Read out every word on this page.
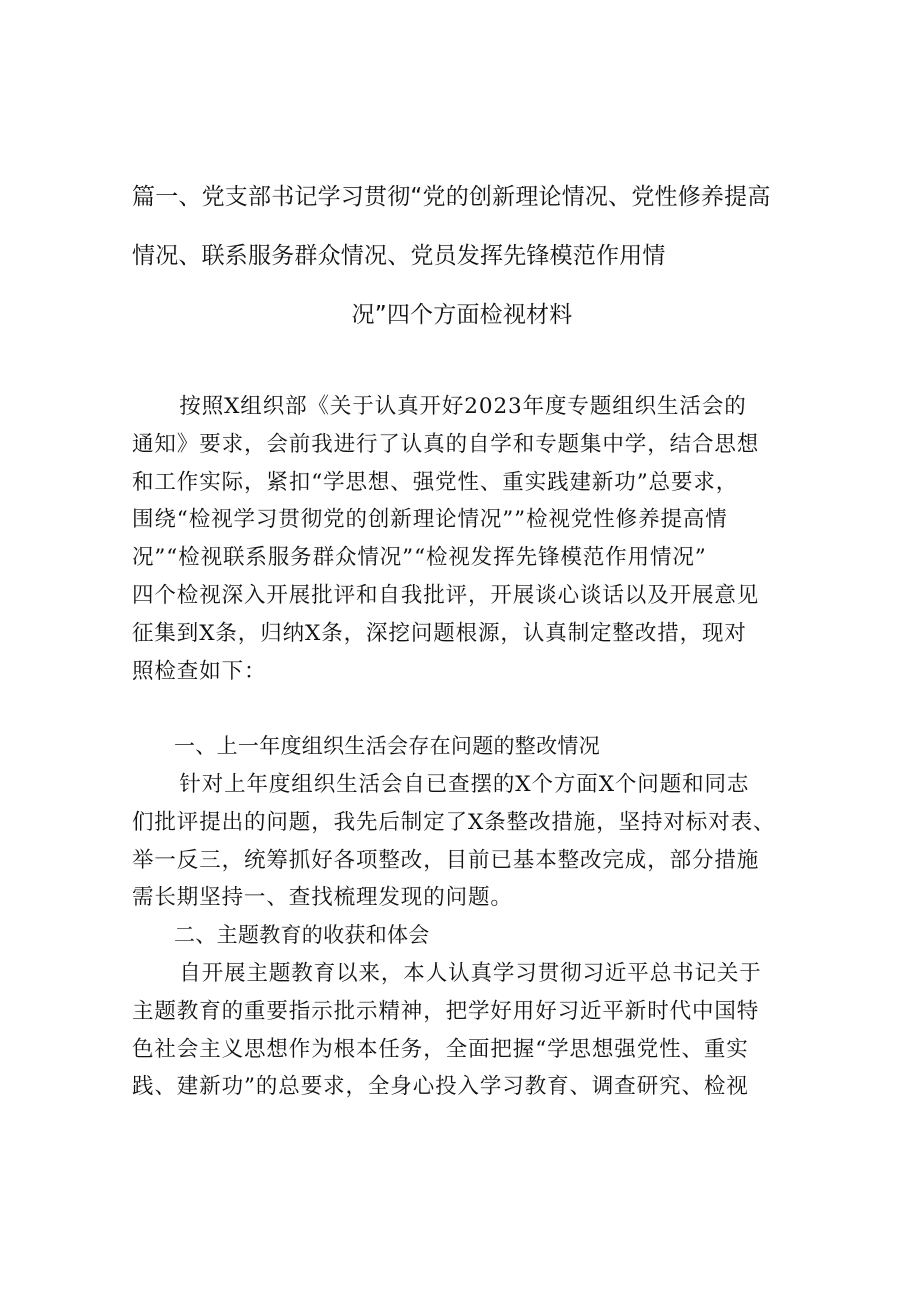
篇一、党支部书记学习贯彻“党的创新理论情况、党性修养提高
情况、联系服务群众情况、党员发挥先锋模范作用情
况”四个方面检视材料

按照X组织部《关于认真开好2023年度专题组织生活会的
通知》要求，会前我进行了认真的自学和专题集中学，结合思想
和工作实际，紧扣“学思想、强党性、重实践建新功”总要求，
围绕“检视学习贯彻党的创新理论情况””检视党性修养提高情
况”“检视联系服务群众情况”“检视发挥先锋模范作用情况”
四个检视深入开展批评和自我批评，开展谈心谈话以及开展意见
征集到X条，归纳X条，深挖问题根源，认真制定整改措，现对
照检查如下：

一、上一年度组织生活会存在问题的整改情况

针对上年度组织生活会自已查摆的X个方面X个问题和同志
们批评提出的问题，我先后制定了X条整改措施，坚持对标对表、
举一反三，统筹抓好各项整改，目前已基本整改完成，部分措施
需长期坚持一、查找梳理发现的问题。

二、主题教育的收获和体会

自开展主题教育以来，本人认真学习贯彻习近平总书记关于
主题教育的重要指示批示精神，把学好用好习近平新时代中国特
色社会主义思想作为根本任务，全面把握“学思想强党性、重实
践、建新功”的总要求，全身心投入学习教育、调查研究、检视
